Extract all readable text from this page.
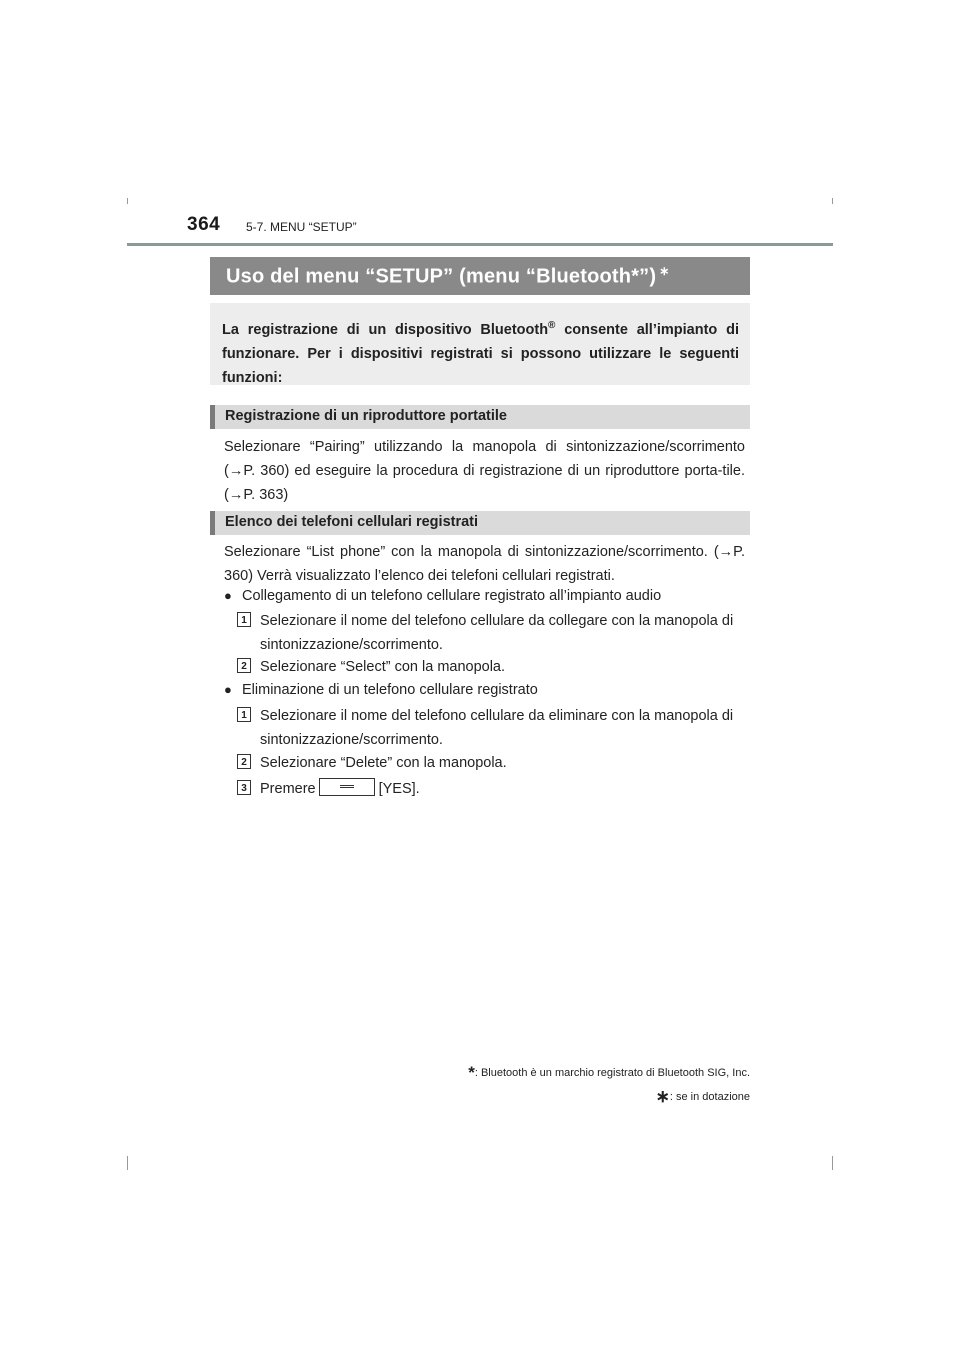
364 5-7. MENU “SETUP”
Uso del menu “SETUP” (menu “Bluetooth*”) ∗
La registrazione di un dispositivo Bluetooth® consente all’impianto di funzionare. Per i dispositivi registrati si possono utilizzare le seguenti funzioni:
Registrazione di un riproduttore portatile
Selezionare “Pairing” utilizzando la manopola di sintonizzazione/scorrimento (→P. 360) ed eseguire la procedura di registrazione di un riproduttore porta-tile. (→P. 363)
Elenco dei telefoni cellulari registrati
Selezionare “List phone” con la manopola di sintonizzazione/scorrimento. (→P. 360) Verrà visualizzato l’elenco dei telefoni cellulari registrati.
● Collegamento di un telefono cellulare registrato all’impianto audio
1 Selezionare il nome del telefono cellulare da collegare con la manopola di sintonizzazione/scorrimento.
2 Selezionare “Select” con la manopola.
● Eliminazione di un telefono cellulare registrato
1 Selezionare il nome del telefono cellulare da eliminare con la manopola di sintonizzazione/scorrimento.
2 Selezionare “Delete” con la manopola.
3 Premere	[YES].
*: Bluetooth è un marchio registrato di Bluetooth SIG, Inc.
∗: se in dotazione
